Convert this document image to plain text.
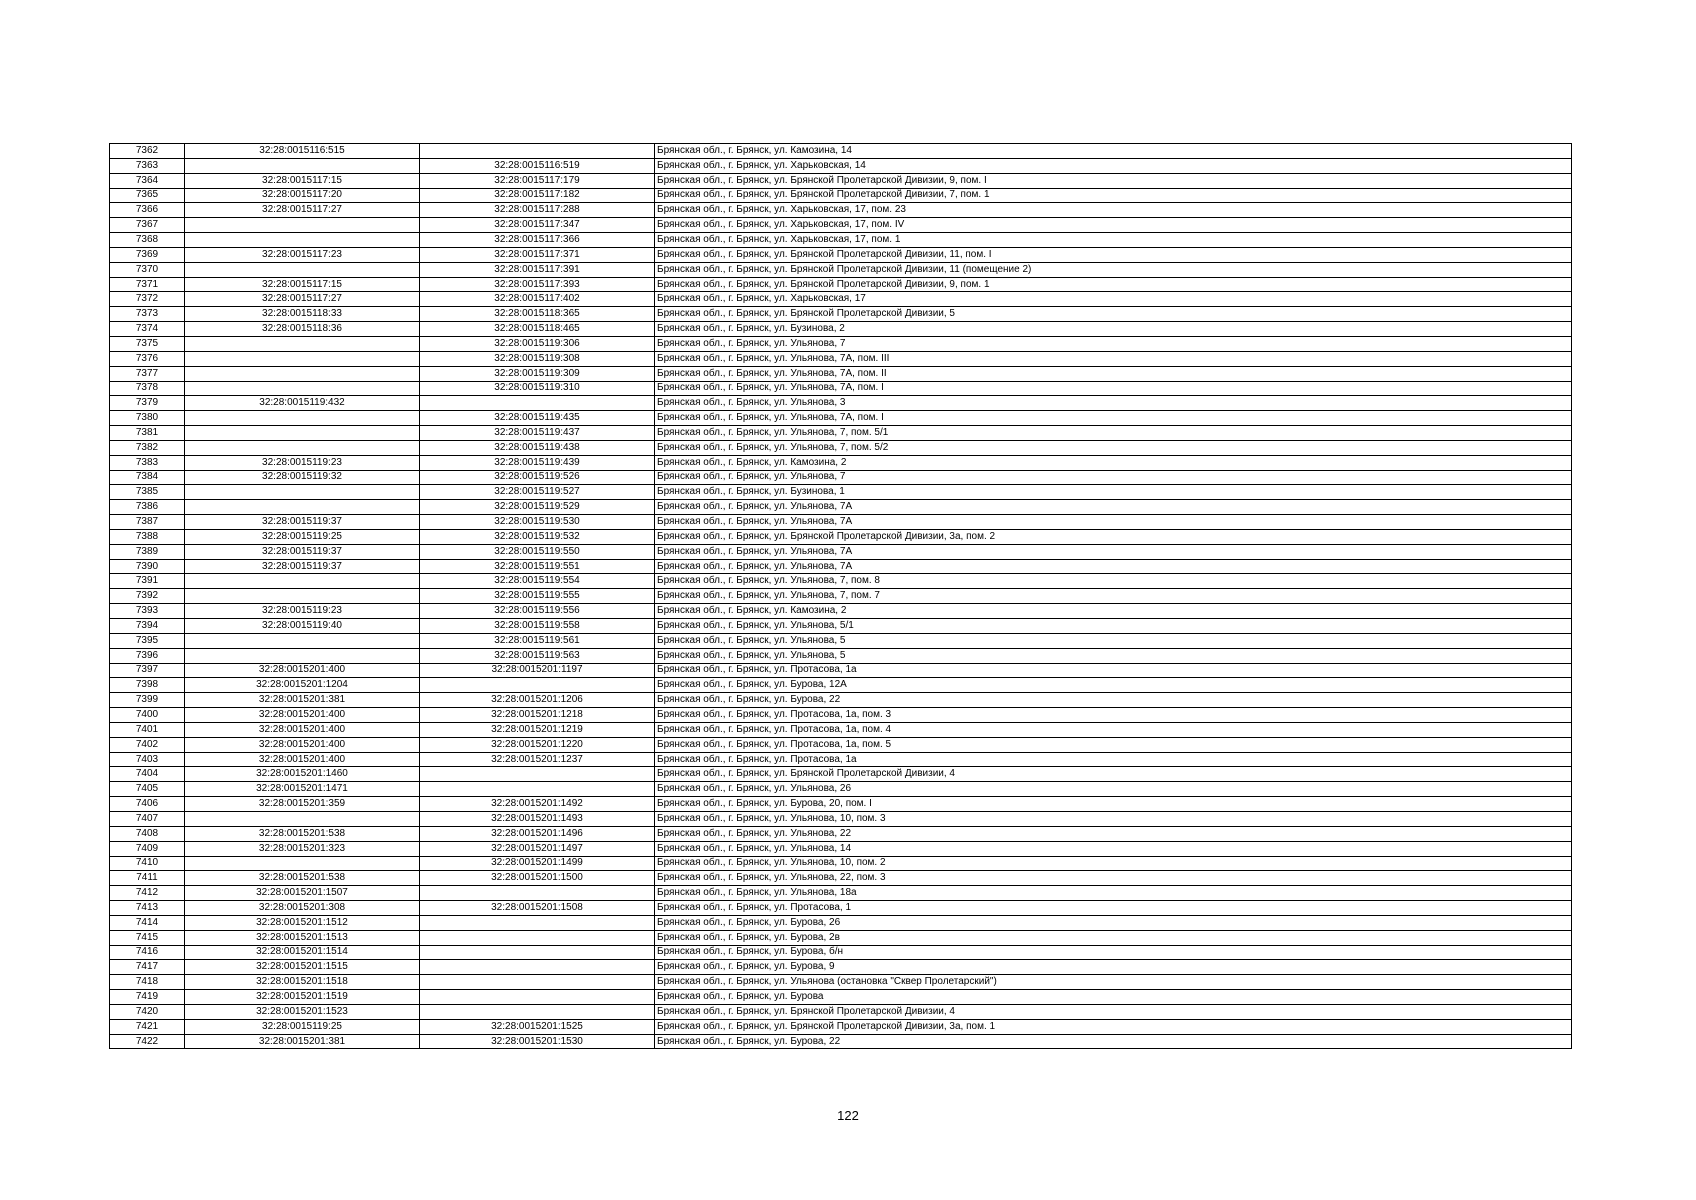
7362	32:28:0015116:515		Брянская обл., г. Брянск, ул. Камозина, 14
7363		32:28:0015116:519	Брянская обл., г. Брянск, ул. Харьковская, 14
7364	32:28:0015117:15	32:28:0015117:179	Брянская обл., г. Брянск, ул. Брянской Пролетарской Дивизии, 9, пом. I
7365	32:28:0015117:20	32:28:0015117:182	Брянская обл., г. Брянск, ул. Брянской Пролетарской Дивизии, 7, пом. 1
7366	32:28:0015117:27	32:28:0015117:288	Брянская обл., г. Брянск, ул. Харьковская, 17, пом. 23
7367		32:28:0015117:347	Брянская обл., г. Брянск, ул. Харьковская, 17, пом. IV
7368		32:28:0015117:366	Брянская обл., г. Брянск, ул. Харьковская, 17, пом. 1
7369	32:28:0015117:23	32:28:0015117:371	Брянская обл., г. Брянск, ул. Брянской Пролетарской Дивизии, 11, пом. I
7370		32:28:0015117:391	Брянская обл., г. Брянск, ул. Брянской Пролетарской Дивизии, 11 (помещение 2)
7371	32:28:0015117:15	32:28:0015117:393	Брянская обл., г. Брянск, ул. Брянской Пролетарской Дивизии, 9, пом. 1
7372	32:28:0015117:27	32:28:0015117:402	Брянская обл., г. Брянск, ул. Харьковская, 17
7373	32:28:0015118:33	32:28:0015118:365	Брянская обл., г. Брянск, ул. Брянской Пролетарской Дивизии, 5
7374	32:28:0015118:36	32:28:0015118:465	Брянская обл., г. Брянск, ул. Бузинова, 2
7375		32:28:0015119:306	Брянская обл., г. Брянск, ул. Ульянова, 7
7376		32:28:0015119:308	Брянская обл., г. Брянск, ул. Ульянова, 7А, пом. III
7377		32:28:0015119:309	Брянская обл., г. Брянск, ул. Ульянова, 7А, пом. II
7378		32:28:0015119:310	Брянская обл., г. Брянск, ул. Ульянова, 7А, пом. I
7379	32:28:0015119:432		Брянская обл., г. Брянск, ул. Ульянова, 3
7380		32:28:0015119:435	Брянская обл., г. Брянск, ул. Ульянова, 7А, пом. I
7381		32:28:0015119:437	Брянская обл., г. Брянск, ул. Ульянова, 7, пом. 5/1
7382		32:28:0015119:438	Брянская обл., г. Брянск, ул. Ульянова, 7, пом. 5/2
7383	32:28:0015119:23	32:28:0015119:439	Брянская обл., г. Брянск, ул. Камозина, 2
7384	32:28:0015119:32	32:28:0015119:526	Брянская обл., г. Брянск, ул. Ульянова, 7
7385		32:28:0015119:527	Брянская обл., г. Брянск, ул. Бузинова, 1
7386		32:28:0015119:529	Брянская обл., г. Брянск, ул. Ульянова, 7А
7387	32:28:0015119:37	32:28:0015119:530	Брянская обл., г. Брянск, ул. Ульянова, 7А
7388	32:28:0015119:25	32:28:0015119:532	Брянская обл., г. Брянск, ул. Брянской Пролетарской Дивизии, 3а, пом. 2
7389	32:28:0015119:37	32:28:0015119:550	Брянская обл., г. Брянск, ул. Ульянова, 7А
7390	32:28:0015119:37	32:28:0015119:551	Брянская обл., г. Брянск, ул. Ульянова, 7А
7391		32:28:0015119:554	Брянская обл., г. Брянск, ул. Ульянова, 7, пом. 8
7392		32:28:0015119:555	Брянская обл., г. Брянск, ул. Ульянова, 7, пом. 7
7393	32:28:0015119:23	32:28:0015119:556	Брянская обл., г. Брянск, ул. Камозина, 2
7394	32:28:0015119:40	32:28:0015119:558	Брянская обл., г. Брянск, ул. Ульянова, 5/1
7395		32:28:0015119:561	Брянская обл., г. Брянск, ул. Ульянова, 5
7396		32:28:0015119:563	Брянская обл., г. Брянск, ул. Ульянова, 5
7397	32:28:0015201:400	32:28:0015201:1197	Брянская обл., г. Брянск, ул. Протасова, 1а
7398	32:28:0015201:1204		Брянская обл., г. Брянск, ул. Бурова, 12А
7399	32:28:0015201:381	32:28:0015201:1206	Брянская обл., г. Брянск, ул. Бурова, 22
7400	32:28:0015201:400	32:28:0015201:1218	Брянская обл., г. Брянск, ул. Протасова, 1а, пом. 3
7401	32:28:0015201:400	32:28:0015201:1219	Брянская обл., г. Брянск, ул. Протасова, 1а, пом. 4
7402	32:28:0015201:400	32:28:0015201:1220	Брянская обл., г. Брянск, ул. Протасова, 1а, пом. 5
7403	32:28:0015201:400	32:28:0015201:1237	Брянская обл., г. Брянск, ул. Протасова, 1а
7404	32:28:0015201:1460		Брянская обл., г. Брянск, ул. Брянской Пролетарской Дивизии, 4
7405	32:28:0015201:1471		Брянская обл., г. Брянск, ул. Ульянова, 26
7406	32:28:0015201:359	32:28:0015201:1492	Брянская обл., г. Брянск, ул. Бурова, 20, пом. I
7407		32:28:0015201:1493	Брянская обл., г. Брянск, ул. Ульянова, 10, пом. 3
7408	32:28:0015201:538	32:28:0015201:1496	Брянская обл., г. Брянск, ул. Ульянова, 22
7409	32:28:0015201:323	32:28:0015201:1497	Брянская обл., г. Брянск, ул. Ульянова, 14
7410		32:28:0015201:1499	Брянская обл., г. Брянск, ул. Ульянова, 10, пом. 2
7411	32:28:0015201:538	32:28:0015201:1500	Брянская обл., г. Брянск, ул. Ульянова, 22, пом. 3
7412	32:28:0015201:1507		Брянская обл., г. Брянск, ул. Ульянова, 18а
7413	32:28:0015201:308	32:28:0015201:1508	Брянская обл., г. Брянск, ул. Протасова, 1
7414	32:28:0015201:1512		Брянская обл., г. Брянск, ул. Бурова, 26
7415	32:28:0015201:1513		Брянская обл., г. Брянск, ул. Бурова, 2в
7416	32:28:0015201:1514		Брянская обл., г. Брянск, ул. Бурова, б/н
7417	32:28:0015201:1515		Брянская обл., г. Брянск, ул. Бурова, 9
7418	32:28:0015201:1518		Брянская обл., г. Брянск, ул. Ульянова (остановка "Сквер Пролетарский")
7419	32:28:0015201:1519		Брянская обл., г. Брянск, ул. Бурова
7420	32:28:0015201:1523		Брянская обл., г. Брянск, ул. Брянской Пролетарской Дивизии, 4
7421	32:28:0015119:25	32:28:0015201:1525	Брянская обл., г. Брянск, ул. Брянской Пролетарской Дивизии, 3а, пом. 1
7422	32:28:0015201:381	32:28:0015201:1530	Брянская обл., г. Брянск, ул. Бурова, 22
122
